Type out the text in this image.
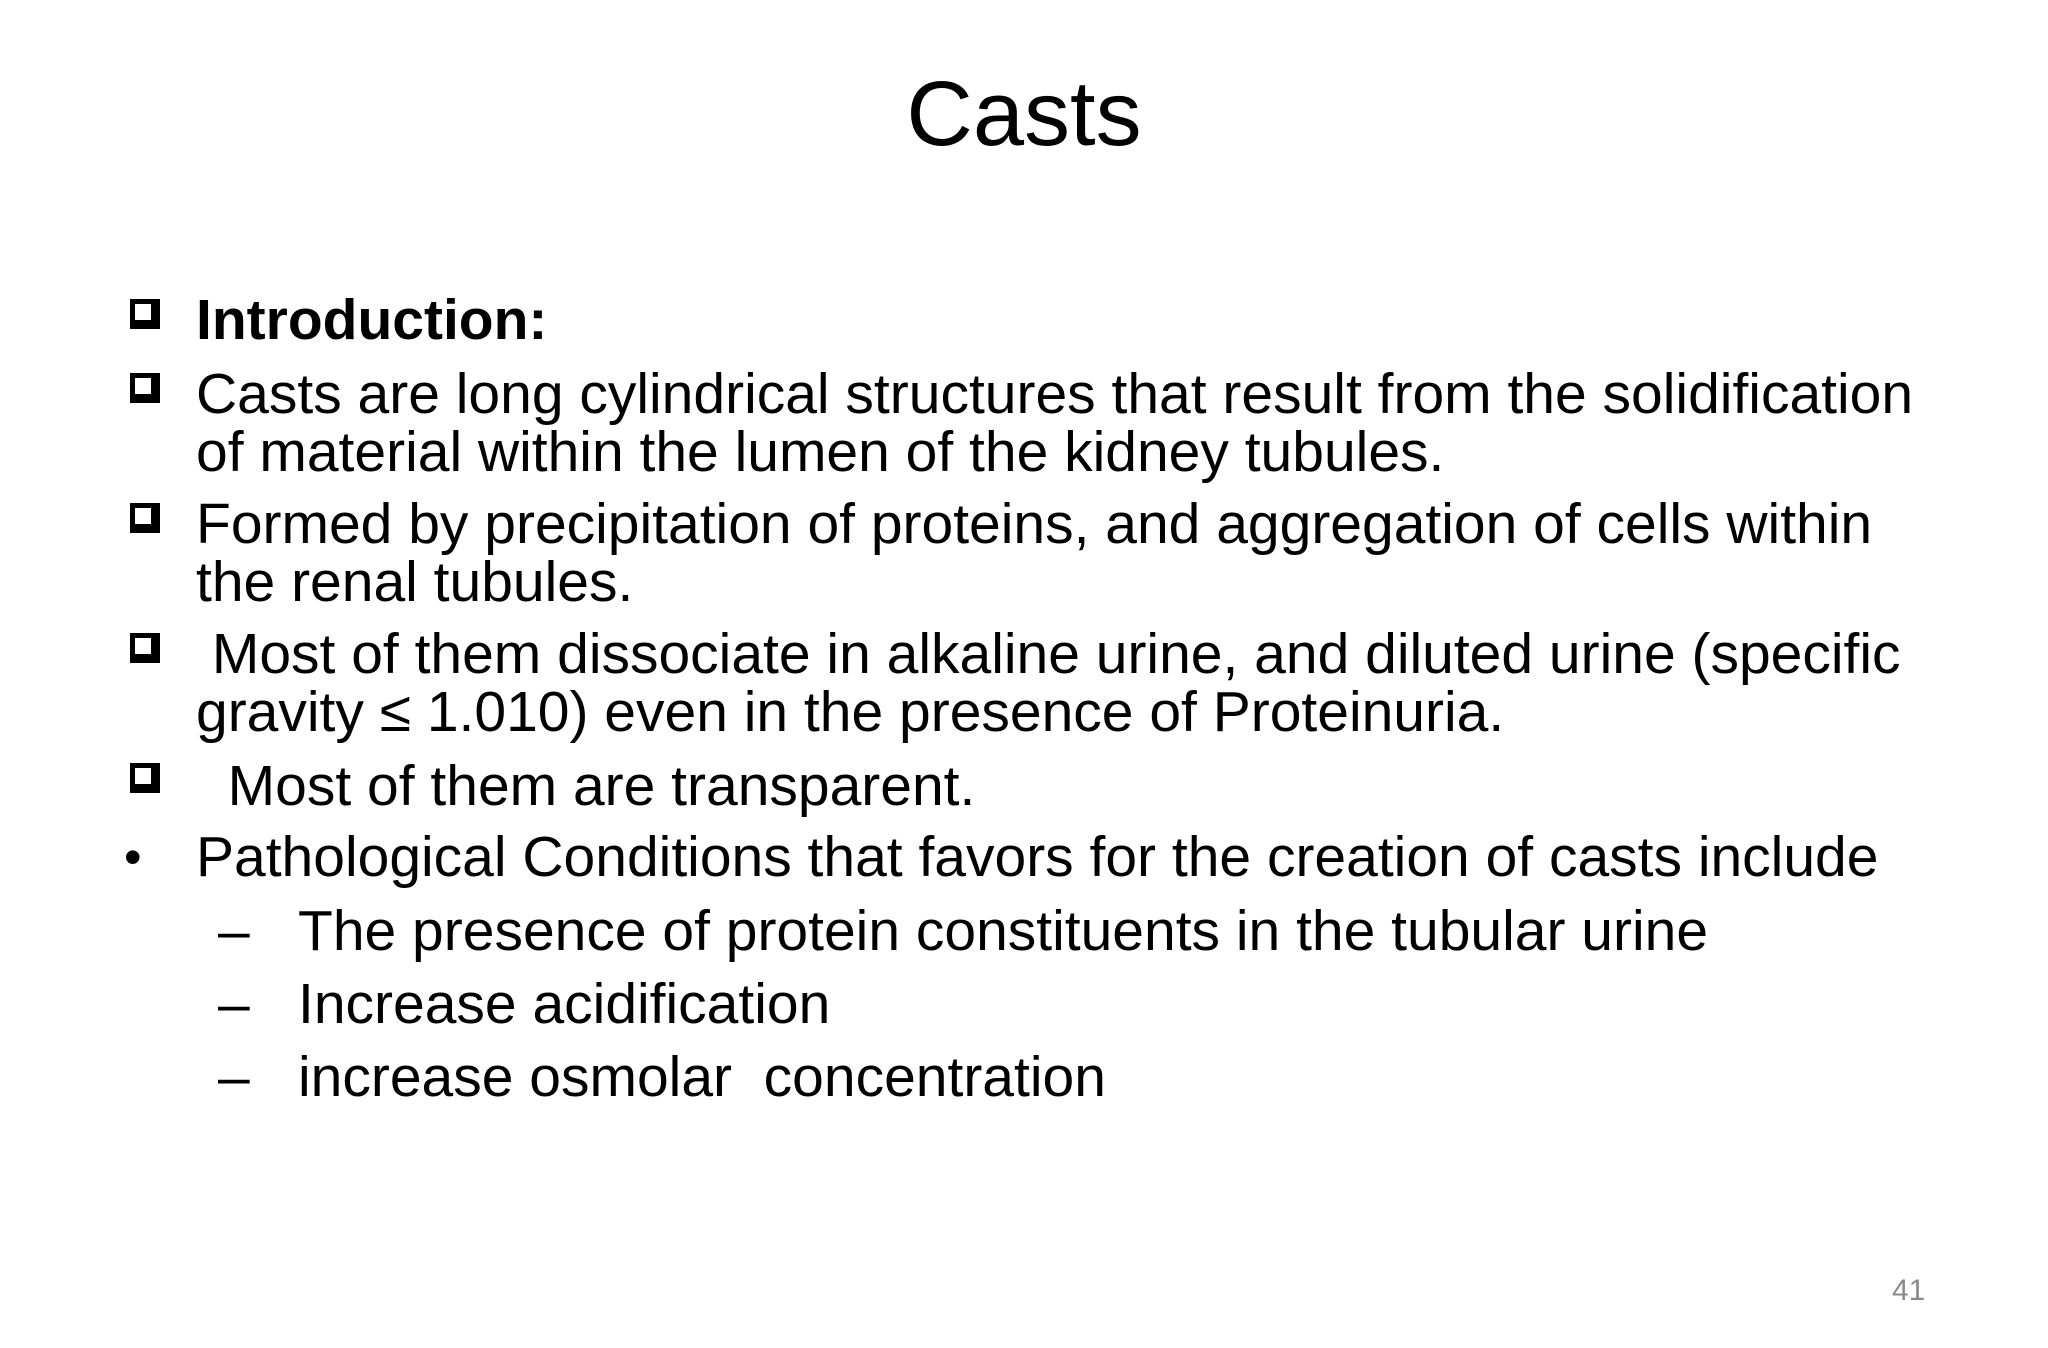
Casts
Introduction:
Casts are long cylindrical structures that result from the solidification
of material within the lumen of the kidney tubules.
Formed by precipitation of proteins, and aggregation of cells within
the renal tubules.
Most of them dissociate in alkaline urine, and diluted urine (specific
gravity ≤ 1.010) even in the presence of Proteinuria.
Most of them are transparent.
• Pathological Conditions that favors for the creation of casts include
– The presence of protein constituents in the tubular urine
– Increase acidification
– increase osmolar  concentration
41
